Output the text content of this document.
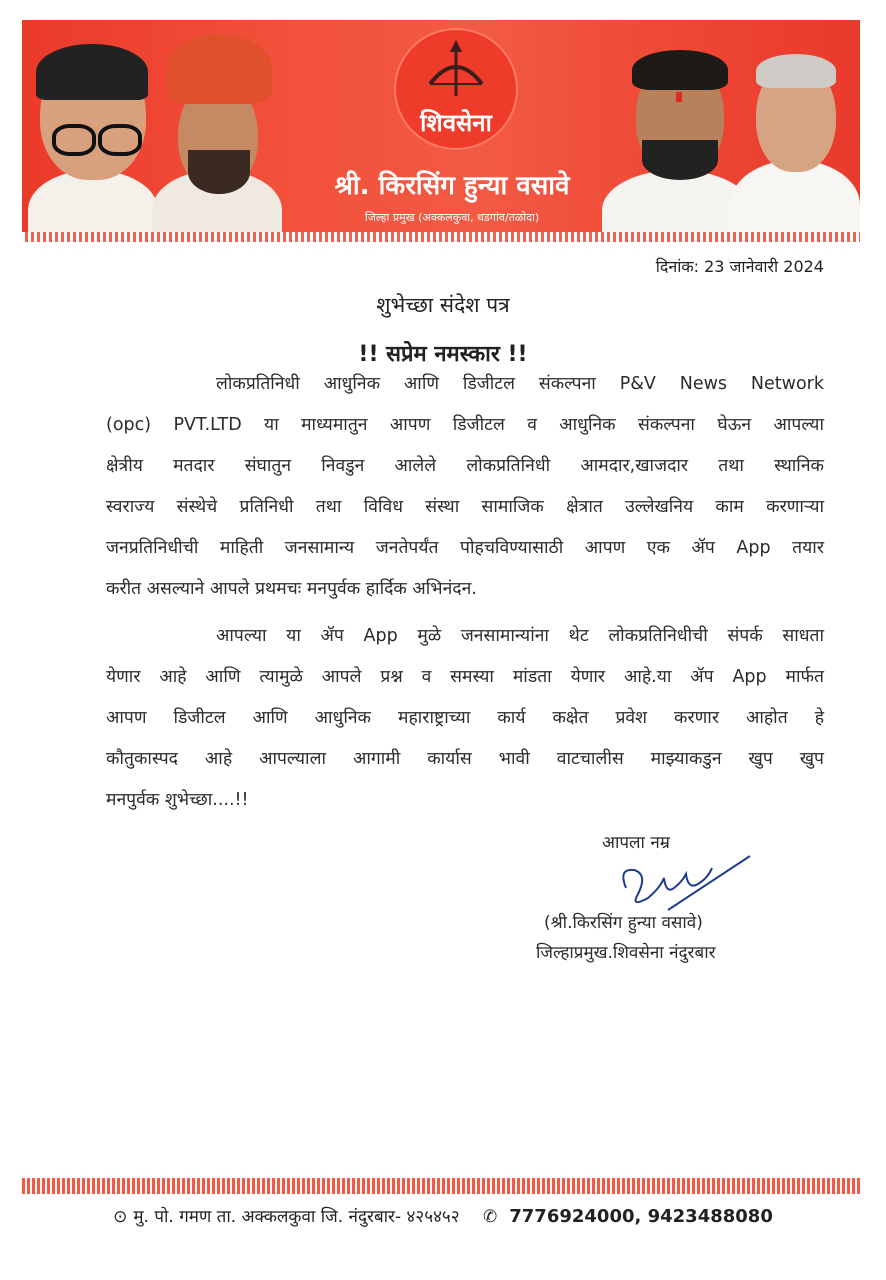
शिवसेना
श्री. किरसिंग हुन्या वसावे
जिल्हा प्रमुख (अक्कलकुवा, धडगांव/तळोदा)
दिनांक: 23 जानेवारी 2024
शुभेच्छा संदेश पत्र
!! सप्रेम नमस्कार !!
लोकप्रतिनिधी आधुनिक आणि डिजीटल संकल्पना P&V News Network
(opc) PVT.LTD या माध्यमातुन आपण डिजीटल व आधुनिक संकल्पना घेऊन आपल्या
क्षेत्रीय मतदार संघातुन निवडुन आलेले लोकप्रतिनिधी आमदार,खाजदार तथा स्थानिक
स्वराज्य संस्थेचे प्रतिनिधी तथा विविध संस्था सामाजिक क्षेत्रात उल्लेखनिय काम करणाऱ्या
जनप्रतिनिधीची माहिती जनसामान्य जनतेपर्यंत पोहचविण्यासाठी आपण एक ॲप App तयार
करीत असल्याने आपले प्रथमचः मनपुर्वक हार्दिक अभिनंदन.
आपल्या या ॲप App मुळे जनसामान्यांना थेट लोकप्रतिनिधीची संपर्क साधता
येणार आहे आणि त्यामुळे आपले प्रश्न व समस्या मांडता येणार आहे.या ॲप App मार्फत
आपण डिजीटल आणि आधुनिक महाराष्ट्राच्या कार्य कक्षेत प्रवेश करणार आहोत हे
कौतुकास्पद आहे आपल्याला आगामी कार्यास भावी वाटचालीस माझ्याकडुन खुप खुप
मनपुर्वक शुभेच्छा....!!
आपला नम्र
(श्री.किरसिंग हुन्या वसावे)
जिल्हाप्रमुख.शिवसेना नंदुरबार
⊙ मु. पो. गमण ता. अक्कलकुवा जि. नंदुरबार- ४२५४५२ ✆ 7776924000, 9423488080
